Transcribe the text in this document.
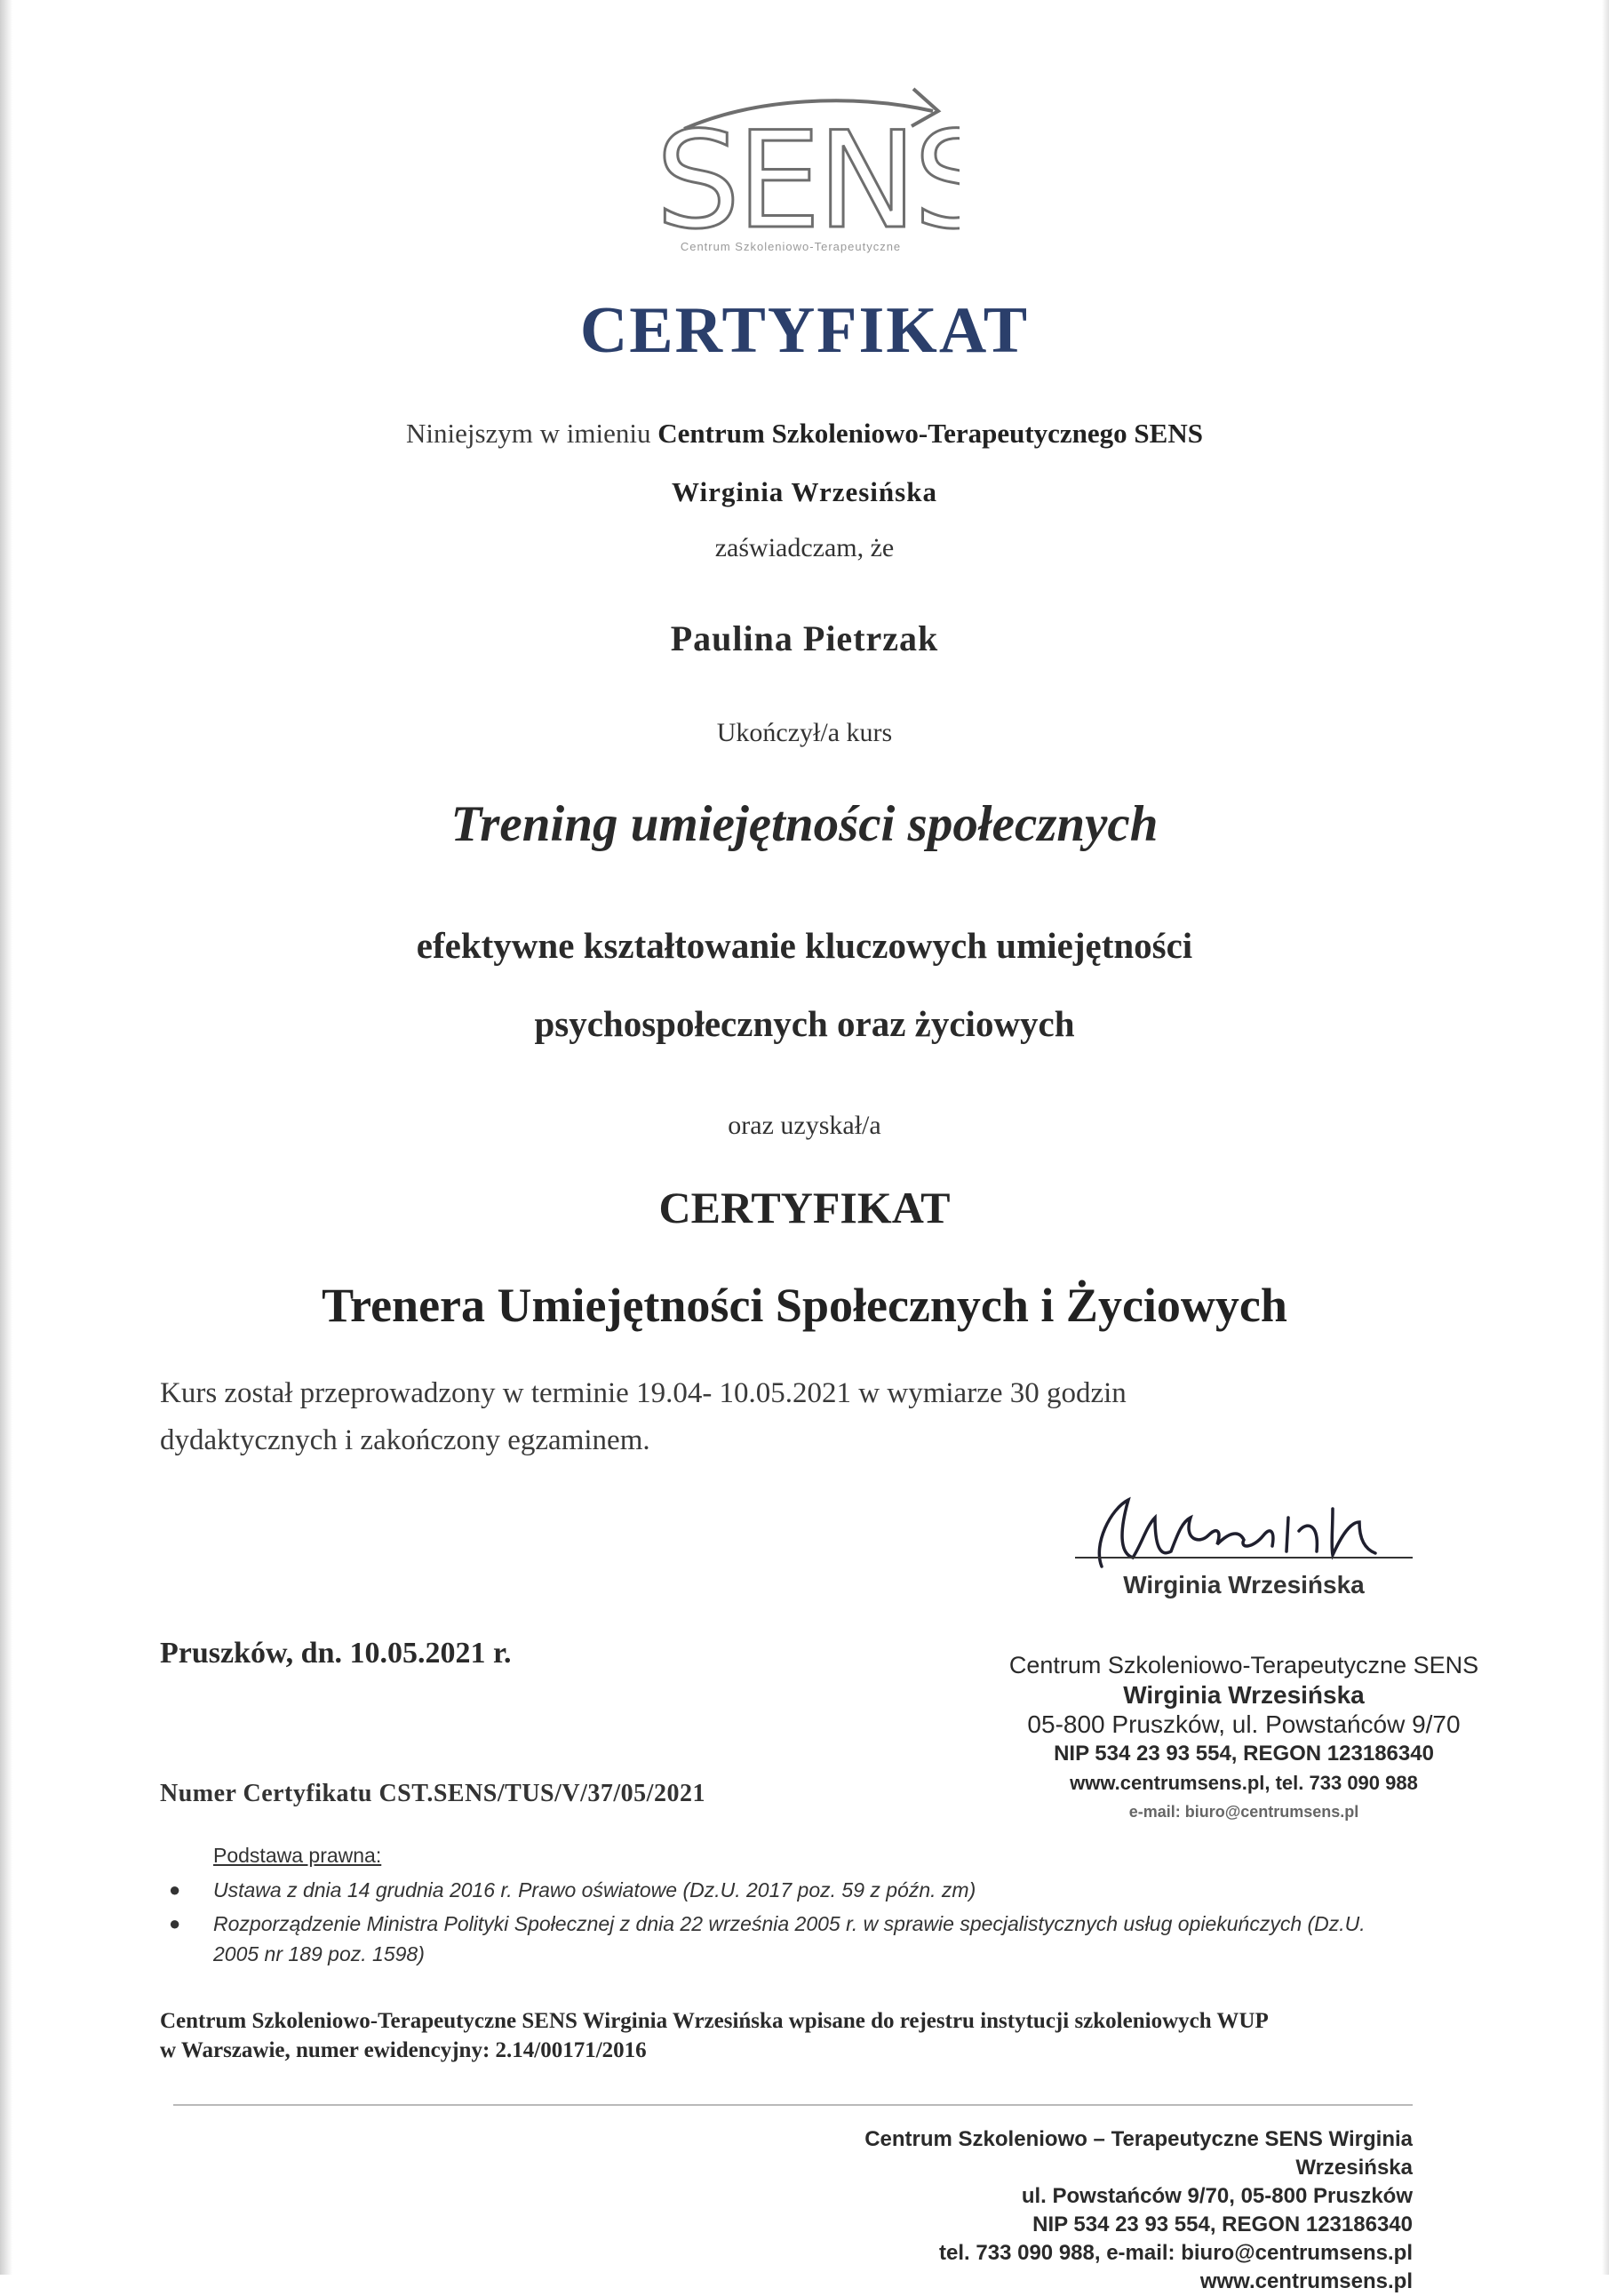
SENS
Centrum Szkoleniowo-Terapeutyczne
CERTYFIKAT
Niniejszym w imieniu Centrum Szkoleniowo-Terapeutycznego SENS
Wirginia Wrzesińska
zaświadczam, że
Paulina Pietrzak
Ukończył/a kurs
Trening umiejętności społecznych
efektywne kształtowanie kluczowych umiejętności
psychospołecznych oraz życiowych
oraz uzyskał/a
CERTYFIKAT
Trenera Umiejętności Społecznych i Życiowych
Kurs został przeprowadzony w terminie 19.04- 10.05.2021 w wymiarze 30 godzin
dydaktycznych i zakończony egzaminem.
Wirginia Wrzesińska
Pruszków, dn. 10.05.2021 r.	Centrum Szkoleniowo-Terapeutyczne SENS
Wirginia Wrzesińska
05-800 Pruszków, ul. Powstańców 9/70
NIP 534 23 93 554, REGON 123186340
www.centrumsens.pl, tel. 733 090 988
e-mail: biuro@centrumsens.pl
Numer Certyfikatu CST.SENS/TUS/V/37/05/2021
Podstawa prawna:
● Ustawa z dnia 14 grudnia 2016 r. Prawo oświatowe (Dz.U. 2017 poz. 59 z późn. zm)
● Rozporządzenie Ministra Polityki Społecznej z dnia 22 września 2005 r. w sprawie specjalistycznych usług opiekuńczych (Dz.U. 2005 nr 189 poz. 1598)
Centrum Szkoleniowo-Terapeutyczne SENS Wirginia Wrzesińska wpisane do rejestru instytucji szkoleniowych WUP
w Warszawie, numer ewidencyjny: 2.14/00171/2016
Centrum Szkoleniowo – Terapeutyczne SENS Wirginia Wrzesińska
ul. Powstańców 9/70, 05-800 Pruszków
NIP 534 23 93 554, REGON 123186340
tel. 733 090 988, e-mail: biuro@centrumsens.pl
www.centrumsens.pl
